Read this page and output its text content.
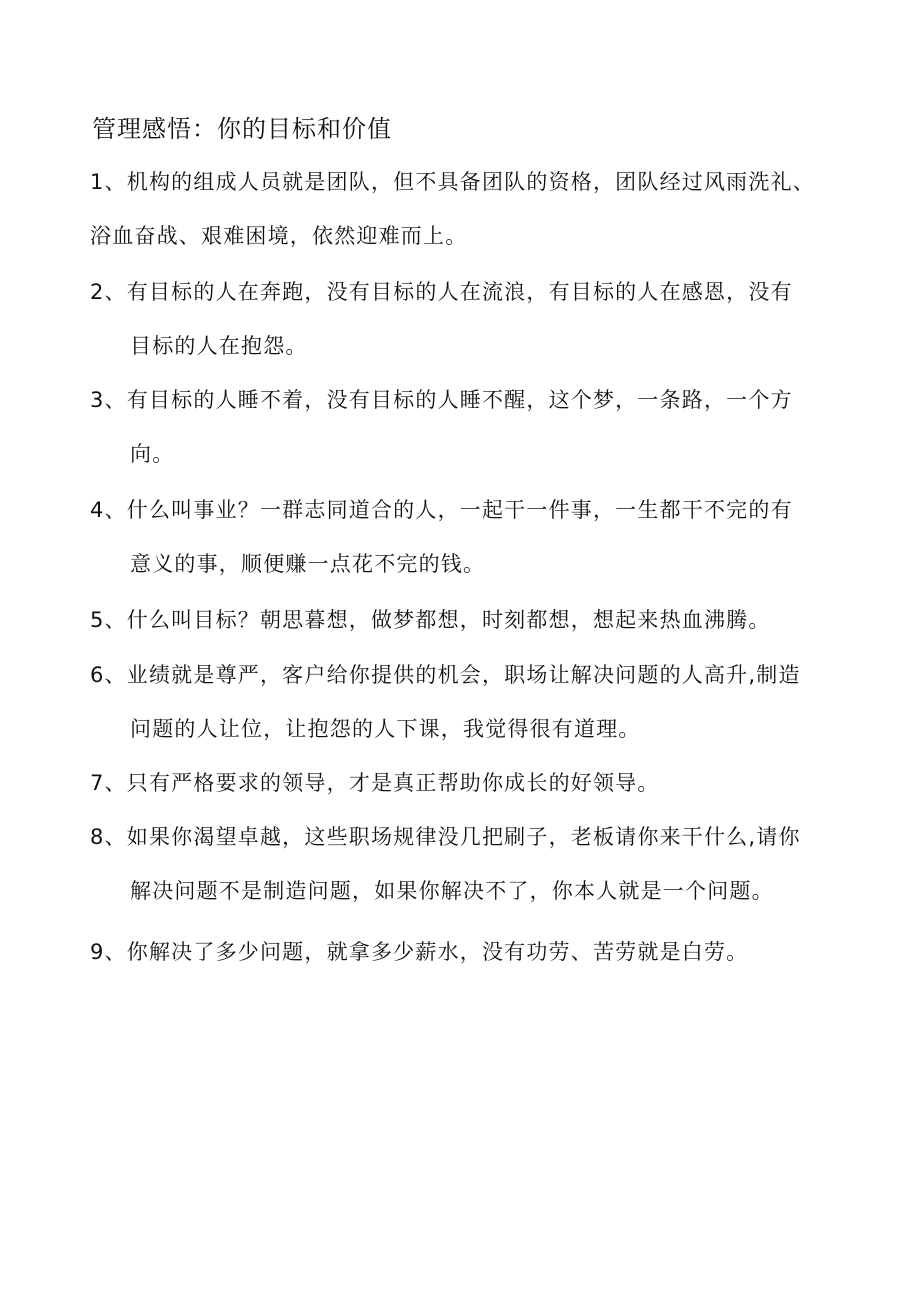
管理感悟：你的目标和价值
1、机构的组成人员就是团队，但不具备团队的资格，团队经过风雨洗礼、
浴血奋战、艰难困境，依然迎难而上。
2、有目标的人在奔跑，没有目标的人在流浪，有目标的人在感恩，没有
目标的人在抱怨。
3、有目标的人睡不着，没有目标的人睡不醒，这个梦，一条路，一个方
向。
4、什么叫事业？一群志同道合的人，一起干一件事，一生都干不完的有
意义的事，顺便赚一点花不完的钱。
5、什么叫目标？朝思暮想，做梦都想，时刻都想，想起来热血沸腾。
6、业绩就是尊严，客户给你提供的机会，职场让解决问题的人高升,制造
问题的人让位，让抱怨的人下课，我觉得很有道理。
7、只有严格要求的领导，才是真正帮助你成长的好领导。
8、如果你渴望卓越，这些职场规律没几把刷子，老板请你来干什么,请你
解决问题不是制造问题，如果你解决不了，你本人就是一个问题。
9、你解决了多少问题，就拿多少薪水，没有功劳、苦劳就是白劳。
